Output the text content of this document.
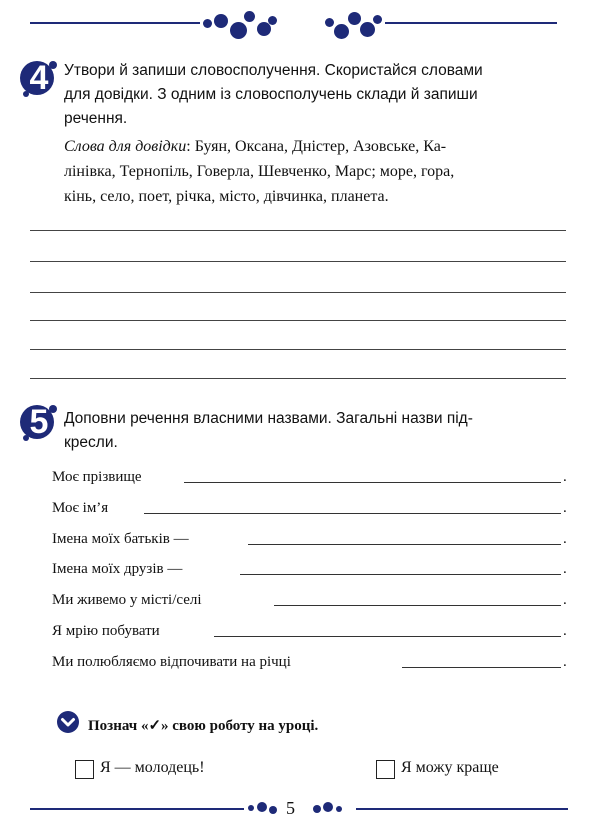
4	Утвори й запиши словосполучення. Скористайся словами
для довідки. З одним із словосполучень склади й запиши
речення.
Слова для довідки: Буян, Оксана, Дністер, Азовське, Ка-
лінівка, Тернопіль, Говерла, Шевченко, Марс; море, гора,
кінь, село, поет, річка, місто, дівчинка, планета.
5	Доповни речення власними назвами. Загальні назви під-
кресли.
Моє прізвище	.
Моє ім’я	.
Імена моїх батьків —	.
Імена моїх друзів —	.
Ми живемо у місті/селі	.
Я мрію побувати	.
Ми полюбляємо відпочивати на річці	.
Познач «✓» свою роботу на уроці.
Я — молодець!	Я можу краще
5
